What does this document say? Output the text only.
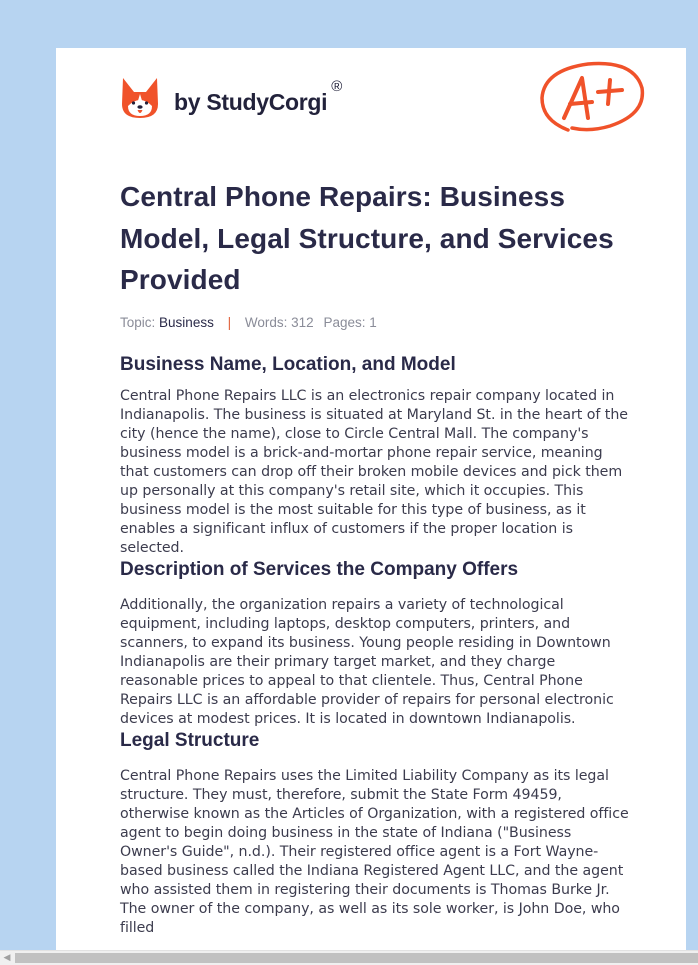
by StudyCorgi
®
Central Phone Repairs: Business Model, Legal Structure, and Services Provided
Topic: Business | Words: 312 Pages: 1
Business Name, Location, and Model

Central Phone Repairs LLC is an electronics repair company located in Indianapolis. The business is situated at Maryland St. in the heart of the city (hence the name), close to Circle Central Mall. The company's business model is a brick-and-mortar phone repair service, meaning that customers can drop off their broken mobile devices and pick them up personally at this company's retail site, which it occupies. This business model is the most suitable for this type of business, as it enables a significant influx of customers if the proper location is selected.

Description of Services the Company Offers

Additionally, the organization repairs a variety of technological equipment, including laptops, desktop computers, printers, and scanners, to expand its business. Young people residing in Downtown Indianapolis are their primary target market, and they charge reasonable prices to appeal to that clientele. Thus, Central Phone Repairs LLC is an affordable provider of repairs for personal electronic devices at modest prices. It is located in downtown Indianapolis.

Legal Structure

Central Phone Repairs uses the Limited Liability Company as its legal structure. They must, therefore, submit the State Form 49459, otherwise known as the Articles of Organization, with a registered office agent to begin doing business in the state of Indiana ("Business Owner's Guide", n.d.). Their registered office agent is a Fort Wayne-based business called the Indiana Registered Agent LLC, and the agent who assisted them in registering their documents is Thomas Burke Jr. The owner of the company, as well as its sole worker, is John Doe, who filled

◀
